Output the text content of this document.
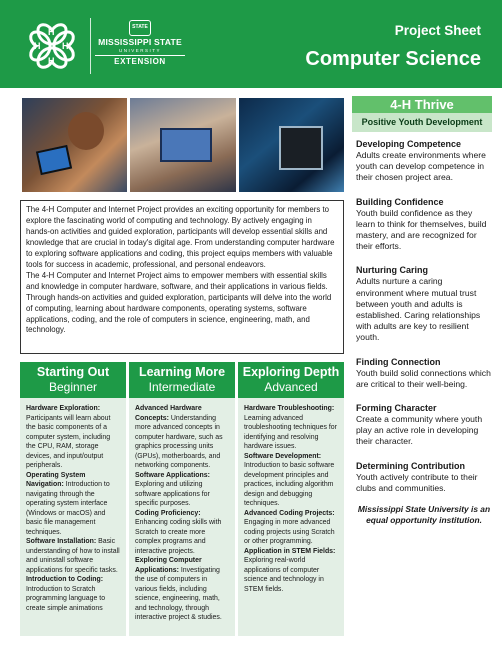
H
H
H H
STATE
MISSISSIPPI STATE
UNIVERSITY
EXTENSION
Project Sheet
Computer Science

The 4-H Computer and Internet Project provides an exciting opportunity for members to explore the fascinating world of computing and technology. By actively engaging in hands-on activities and guided exploration, participants will develop essential skills and knowledge that are crucial in today's digital age. From understanding computer hardware to exploring software applications and coding, this project equips members with valuable tools for success in academic, professional, and personal endeavors.

The 4-H Computer and Internet Project aims to empower members with essential skills and knowledge in computer hardware, software, and their applications in various fields. Through hands-on activities and guided exploration, participants will delve into the world of computing, learning about hardware components, operating systems, software applications, coding, and the role of computers in science, engineering, math, and technology.

Starting Out
Beginner

Hardware Exploration: Participants will learn about the basic components of a computer system, including the CPU, RAM, storage devices, and input/output peripherals.

Operating System Navigation: Introduction to navigating through the operating system interface (Windows or macOS) and basic file management techniques.

Software Installation: Basic understanding of how to install and uninstall software applications for specific tasks.

Introduction to Coding: Introduction to Scratch programming language to create simple animations

Learning More
Intermediate

Advanced Hardware Concepts: Understanding more advanced concepts in computer hardware, such as graphics processing units (GPUs), motherboards, and networking components.

Software Applications: Exploring and utilizing software applications for specific purposes.

Coding Proficiency: Enhancing coding skills with Scratch to create more complex programs and interactive projects.

Exploring Computer Applications: Investigating the use of computers in various fields, including science, engineering, math, and technology, through interactive project & studies.

Exploring Depth
Advanced

Hardware Troubleshooting: Learning advanced troubleshooting techniques for identifying and resolving hardware issues.

Software Development: Introduction to basic software development principles and practices, including algorithm design and debugging techniques.

Advanced Coding Projects: Engaging in more advanced coding projects using Scratch or other programming.

Application in STEM Fields: Exploring real-world applications of computer science and technology in STEM fields.

4-H Thrive
Positive Youth Development
Developing Competence
Adults create environments where youth can develop competence in their chosen project area.
Building Confidence
Youth build confidence as they learn to think for themselves, build mastery, and are recognized for their efforts.
Nurturing Caring
Adults nurture a caring environment where mutual trust between youth and adults is established. Caring relationships with adults are key to resilient youth.
Finding Connection
Youth build solid connections which are critical to their well-being.
Forming Character
Create a community where youth play an active role in developing their character.
Determining Contribution
Youth actively contribute to their clubs and communities.
Mississippi State University is an equal opportunity institution.
